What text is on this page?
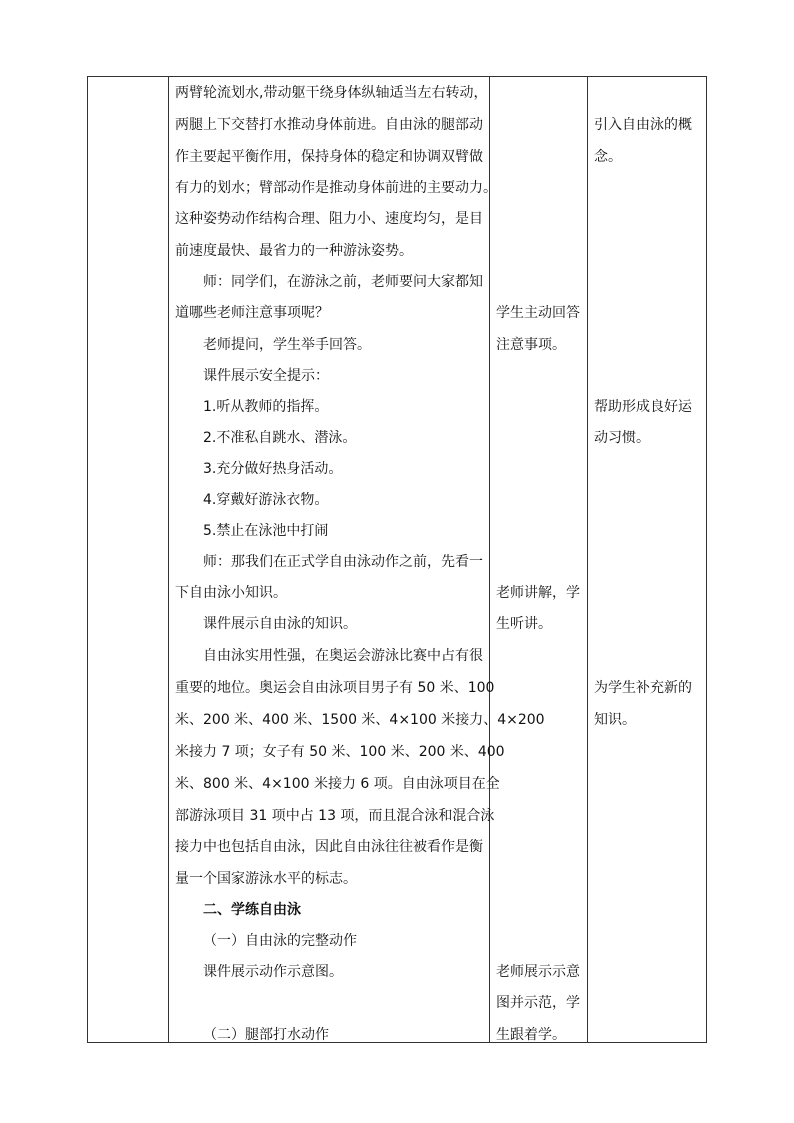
两臂轮流划水,带动躯干绕身体纵轴适当左右转动，
两腿上下交替打水推动身体前进。自由泳的腿部动
作主要起平衡作用，保持身体的稳定和协调双臂做
有力的划水；臂部动作是推动身体前进的主要动力。
这种姿势动作结构合理、阻力小、速度均匀，是目
前速度最快、最省力的一种游泳姿势。
师：同学们，在游泳之前，老师要问大家都知
道哪些老师注意事项呢？
老师提问，学生举手回答。
课件展示安全提示：
1.听从教师的指挥。
2.不准私自跳水、潜泳。
3.充分做好热身活动。
4.穿戴好游泳衣物。
5.禁止在泳池中打闹
师：那我们在正式学自由泳动作之前，先看一
下自由泳小知识。
课件展示自由泳的知识。
自由泳实用性强，在奥运会游泳比赛中占有很
重要的地位。奥运会自由泳项目男子有 50 米、100
米、200 米、400 米、1500 米、4×100 米接力、4×200
米接力 7 项；女子有 50 米、100 米、200 米、400
米、800 米、4×100 米接力 6 项。自由泳项目在全
部游泳项目 31 项中占 13 项，而且混合泳和混合泳
接力中也包括自由泳，因此自由泳往往被看作是衡
量一个国家游泳水平的标志。
二、学练自由泳
（一）自由泳的完整动作
课件展示动作示意图。
（二）腿部打水动作
学生主动回答
注意事项。
老师讲解，学
生听讲。
老师展示示意
图并示范，学
生跟着学。
引入自由泳的概
念。
帮助形成良好运
动习惯。
为学生补充新的
知识。
